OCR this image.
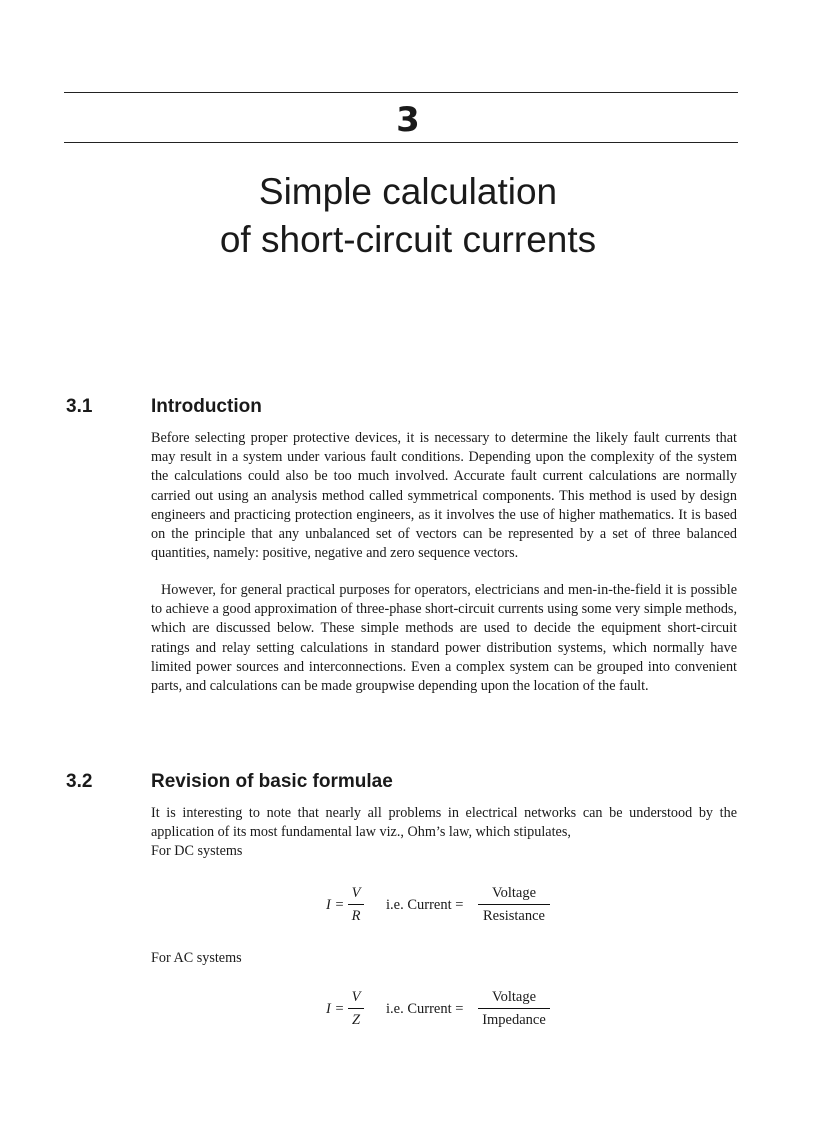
3
Simple calculation
of short-circuit currents
3.1	Introduction

Before selecting proper protective devices, it is necessary to determine the likely fault currents that may result in a system under various fault conditions. Depending upon the complexity of the system the calculations could also be too much involved. Accurate fault current calculations are normally carried out using an analysis method called symmetrical components. This method is used by design engineers and practicing protection engineers, as it involves the use of higher mathematics. It is based on the principle that any unbalanced set of vectors can be represented by a set of three balanced quantities, namely: positive, negative and zero sequence vectors.

However, for general practical purposes for operators, electricians and men-in-the-field it is possible to achieve a good approximation of three-phase short-circuit currents using some very simple methods, which are discussed below. These simple methods are used to decide the equipment short-circuit ratings and relay setting calculations in standard power distribution systems, which normally have limited power sources and interconnections. Even a complex system can be grouped into convenient parts, and calculations can be made groupwise depending upon the location of the fault.

3.2	Revision of basic formulae

It is interesting to note that nearly all problems in electrical networks can be understood by the application of its most fundamental law viz., Ohm’s law, which stipulates,

For DC systems
I =
V
R
i.e. Current =
Voltage
Resistance
For AC systems
I =
V
Z
i.e. Current =
Voltage
Impedance
